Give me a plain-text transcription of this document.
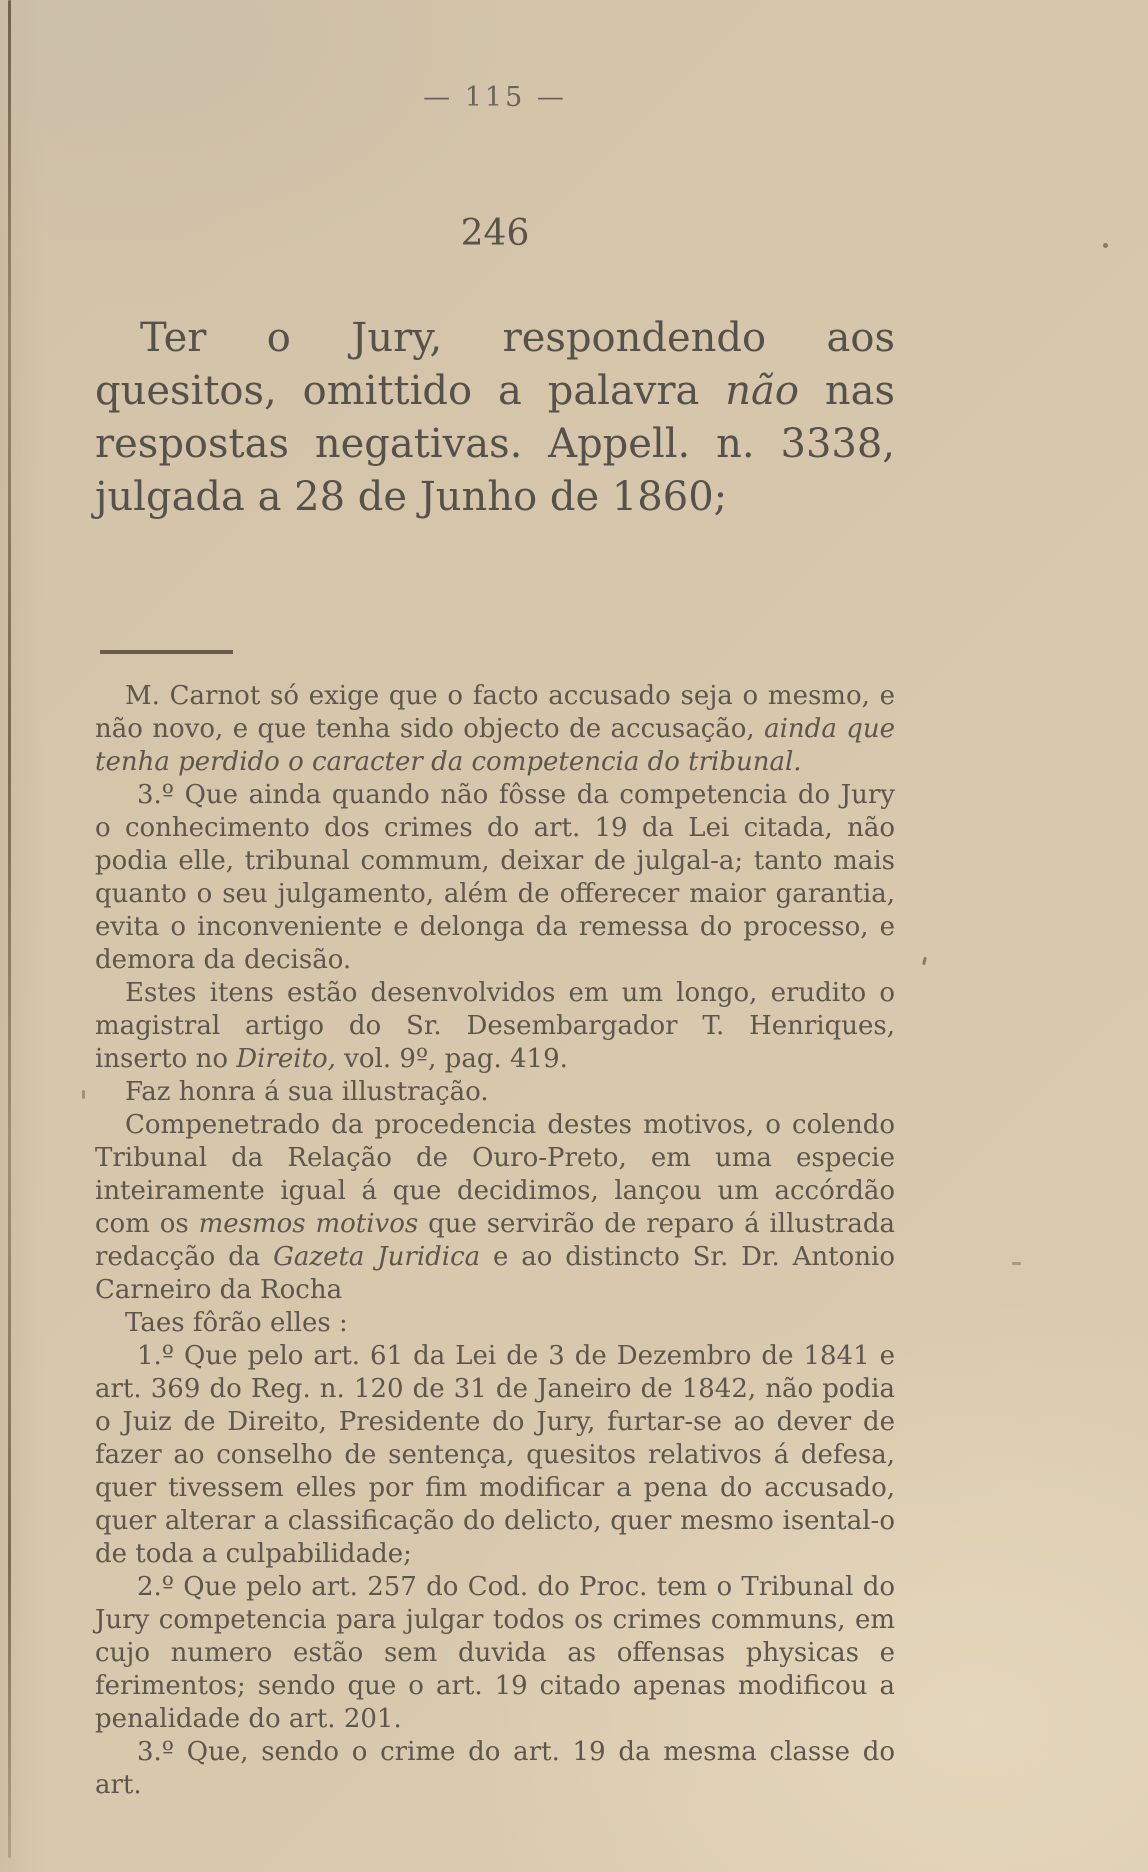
— 115 —
246

Ter o Jury, respondendo aos quesitos, omittido a palavra não nas respostas negativas. Appell. n. 3338, julgada a 28 de Junho de 1860;

M. Carnot só exige que o facto accusado seja o mesmo, e não novo, e que tenha sido objecto de accusação, ainda que tenha perdido o caracter da competencia do tribunal.

3.º Que ainda quando não fôsse da competencia do Jury o conhecimento dos crimes do art. 19 da Lei citada, não podia elle, tribunal commum, deixar de julgal-a; tanto mais quanto o seu julgamento, além de offerecer maior garantia, evita o inconveniente e delonga da remessa do processo, e demora da decisão.

Estes itens estão desenvolvidos em um longo, erudito o magistral artigo do Sr. Desembargador T. Henriques, inserto no Direito, vol. 9º, pag. 419.

Faz honra á sua illustração.

Compenetrado da procedencia destes motivos, o colendo Tribunal da Relação de Ouro-Preto, em uma especie inteiramente igual á que decidimos, lançou um accórdão com os mesmos motivos que servirão de reparo á illustrada redacção da Gazeta Juridica e ao distincto Sr. Dr. Antonio Carneiro da Rocha

Taes fôrão elles :

1.º Que pelo art. 61 da Lei de 3 de Dezembro de 1841 e art. 369 do Reg. n. 120 de 31 de Janeiro de 1842, não podia o Juiz de Direito, Presidente do Jury, furtar-se ao dever de fazer ao conselho de sentença, quesitos relativos á defesa, quer tivessem elles por fim modificar a pena do accusado, quer alterar a classificação do delicto, quer mesmo isental-o de toda a culpabilidade;

2.º Que pelo art. 257 do Cod. do Proc. tem o Tribunal do Jury competencia para julgar todos os crimes communs, em cujo numero estão sem duvida as offensas physicas e ferimentos; sendo que o art. 19 citado apenas modificou a penalidade do art. 201.

3.º Que, sendo o crime do art. 19 da mesma classe do art.
